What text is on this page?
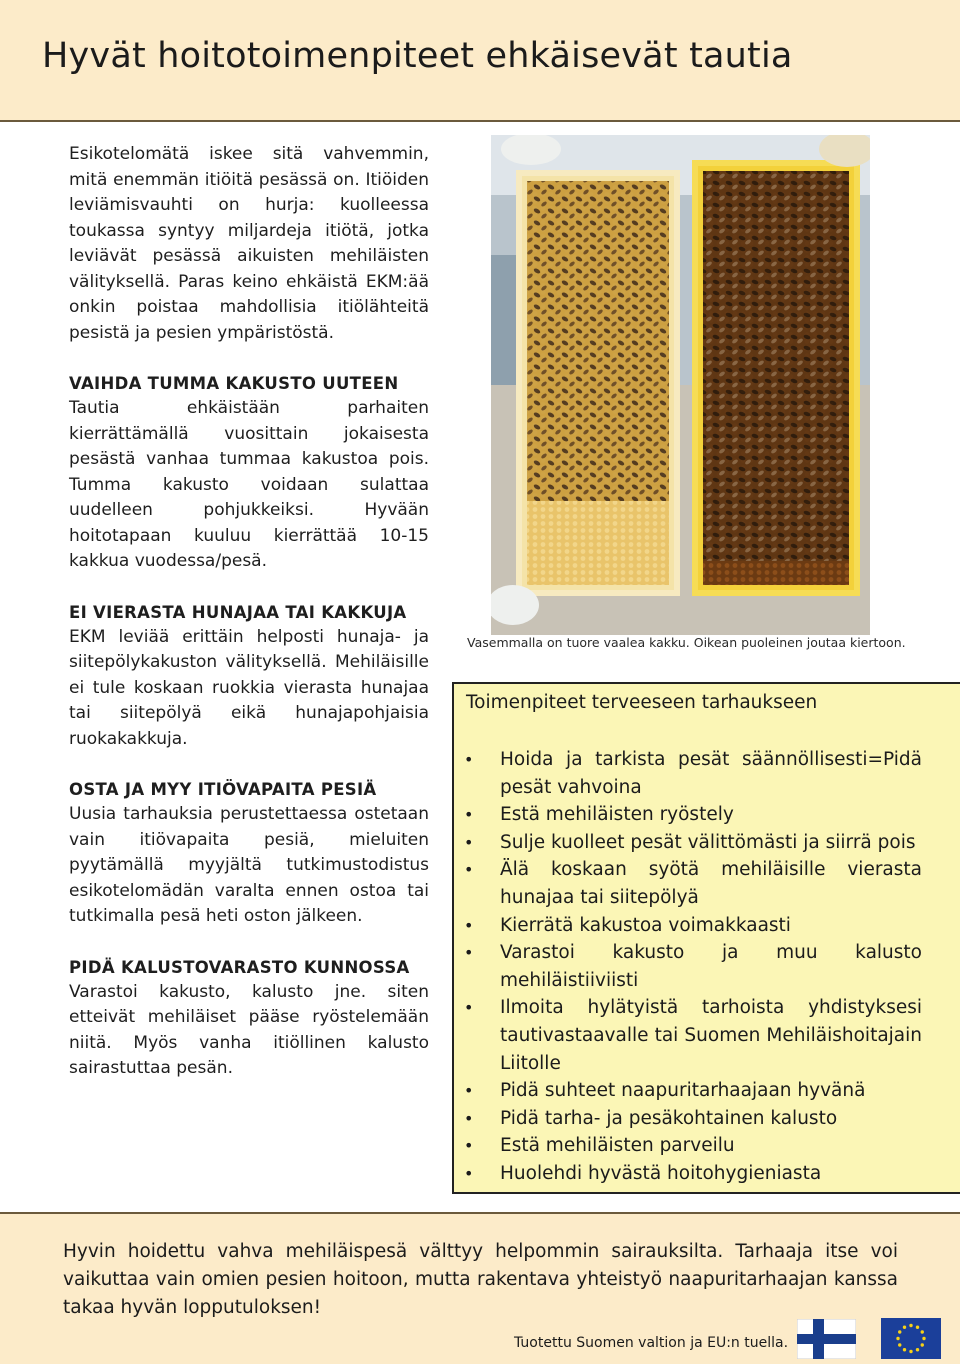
Hyvät hoitotoimenpiteet ehkäisevät tautia

Esikotelomätä iskee sitä vahvemmin, mitä enemmän itiöitä pesässä on. Itiöiden leviämisvauhti on hurja: kuolleessa toukassa syntyy miljardeja itiötä, jotka leviävät pesässä aikuisten mehiläisten välityksellä. Paras keino ehkäistä EKM:ää onkin poistaa mahdollisia itiölähteitä pesistä ja pesien ympäristöstä.

VAIHDA TUMMA KAKUSTO UUTEEN

Tautia ehkäistään parhaiten kierrättämällä vuosittain jokaisesta pesästä vanhaa tummaa kakustoa pois. Tumma kakusto voidaan sulattaa uudelleen pohjukkeiksi. Hyvään hoitotapaan kuuluu kierrättää 10-15 kakkua vuodessa/pesä.

EI VIERASTA HUNAJAA TAI KAKKUJA

EKM leviää erittäin helposti hunaja- ja siitepölykakuston välityksellä. Mehiläisille ei tule koskaan ruokkia vierasta hunajaa tai siitepölyä eikä hunajapohjaisia ruokakakkuja.

OSTA JA MYY ITIÖVAPAITA PESIÄ

Uusia tarhauksia perustettaessa ostetaan vain itiövapaita pesiä, mieluiten pyytämällä myyjältä tutkimustodistus esikotelomädän varalta ennen ostoa tai tutkimalla pesä heti oston jälkeen.

PIDÄ KALUSTOVARASTO KUNNOSSA

Varastoi kakusto, kalusto jne. siten etteivät mehiläiset pääse ryöstelemään niitä. Myös vanha itiöllinen kalusto sairastuttaa pesän.

Vasemmalla on tuore vaalea kakku. Oikean puoleinen joutaa kiertoon.
Toimenpiteet terveeseen tarhaukseen
• Hoida ja tarkista pesät säännöllisesti=Pidä pesät vahvoina
• Estä mehiläisten ryöstely
• Sulje kuolleet pesät välittömästi ja siirrä pois
• Älä koskaan syötä mehiläisille vierasta hunajaa tai siitepölyä
• Kierrätä kakustoa voimakkaasti
• Varastoi kakusto ja muu kalusto mehiläistiiviisti
• Ilmoita hylätyistä tarhoista yhdistyksesi tautivastaavalle tai Suomen Mehiläishoitajain Liitolle
• Pidä suhteet naapuritarhaajaan hyvänä
• Pidä tarha- ja pesäkohtainen kalusto
• Estä mehiläisten parveilu
• Huolehdi hyvästä hoitohygieniasta
Hyvin hoidettu vahva mehiläispesä välttyy helpommin sairauksilta. Tarhaaja itse voi vaikuttaa vain omien pesien hoitoon, mutta rakentava yhteistyö naapuritarhaajan kanssa takaa hyvän lopputuloksen!
Tuotettu Suomen valtion ja EU:n tuella.
